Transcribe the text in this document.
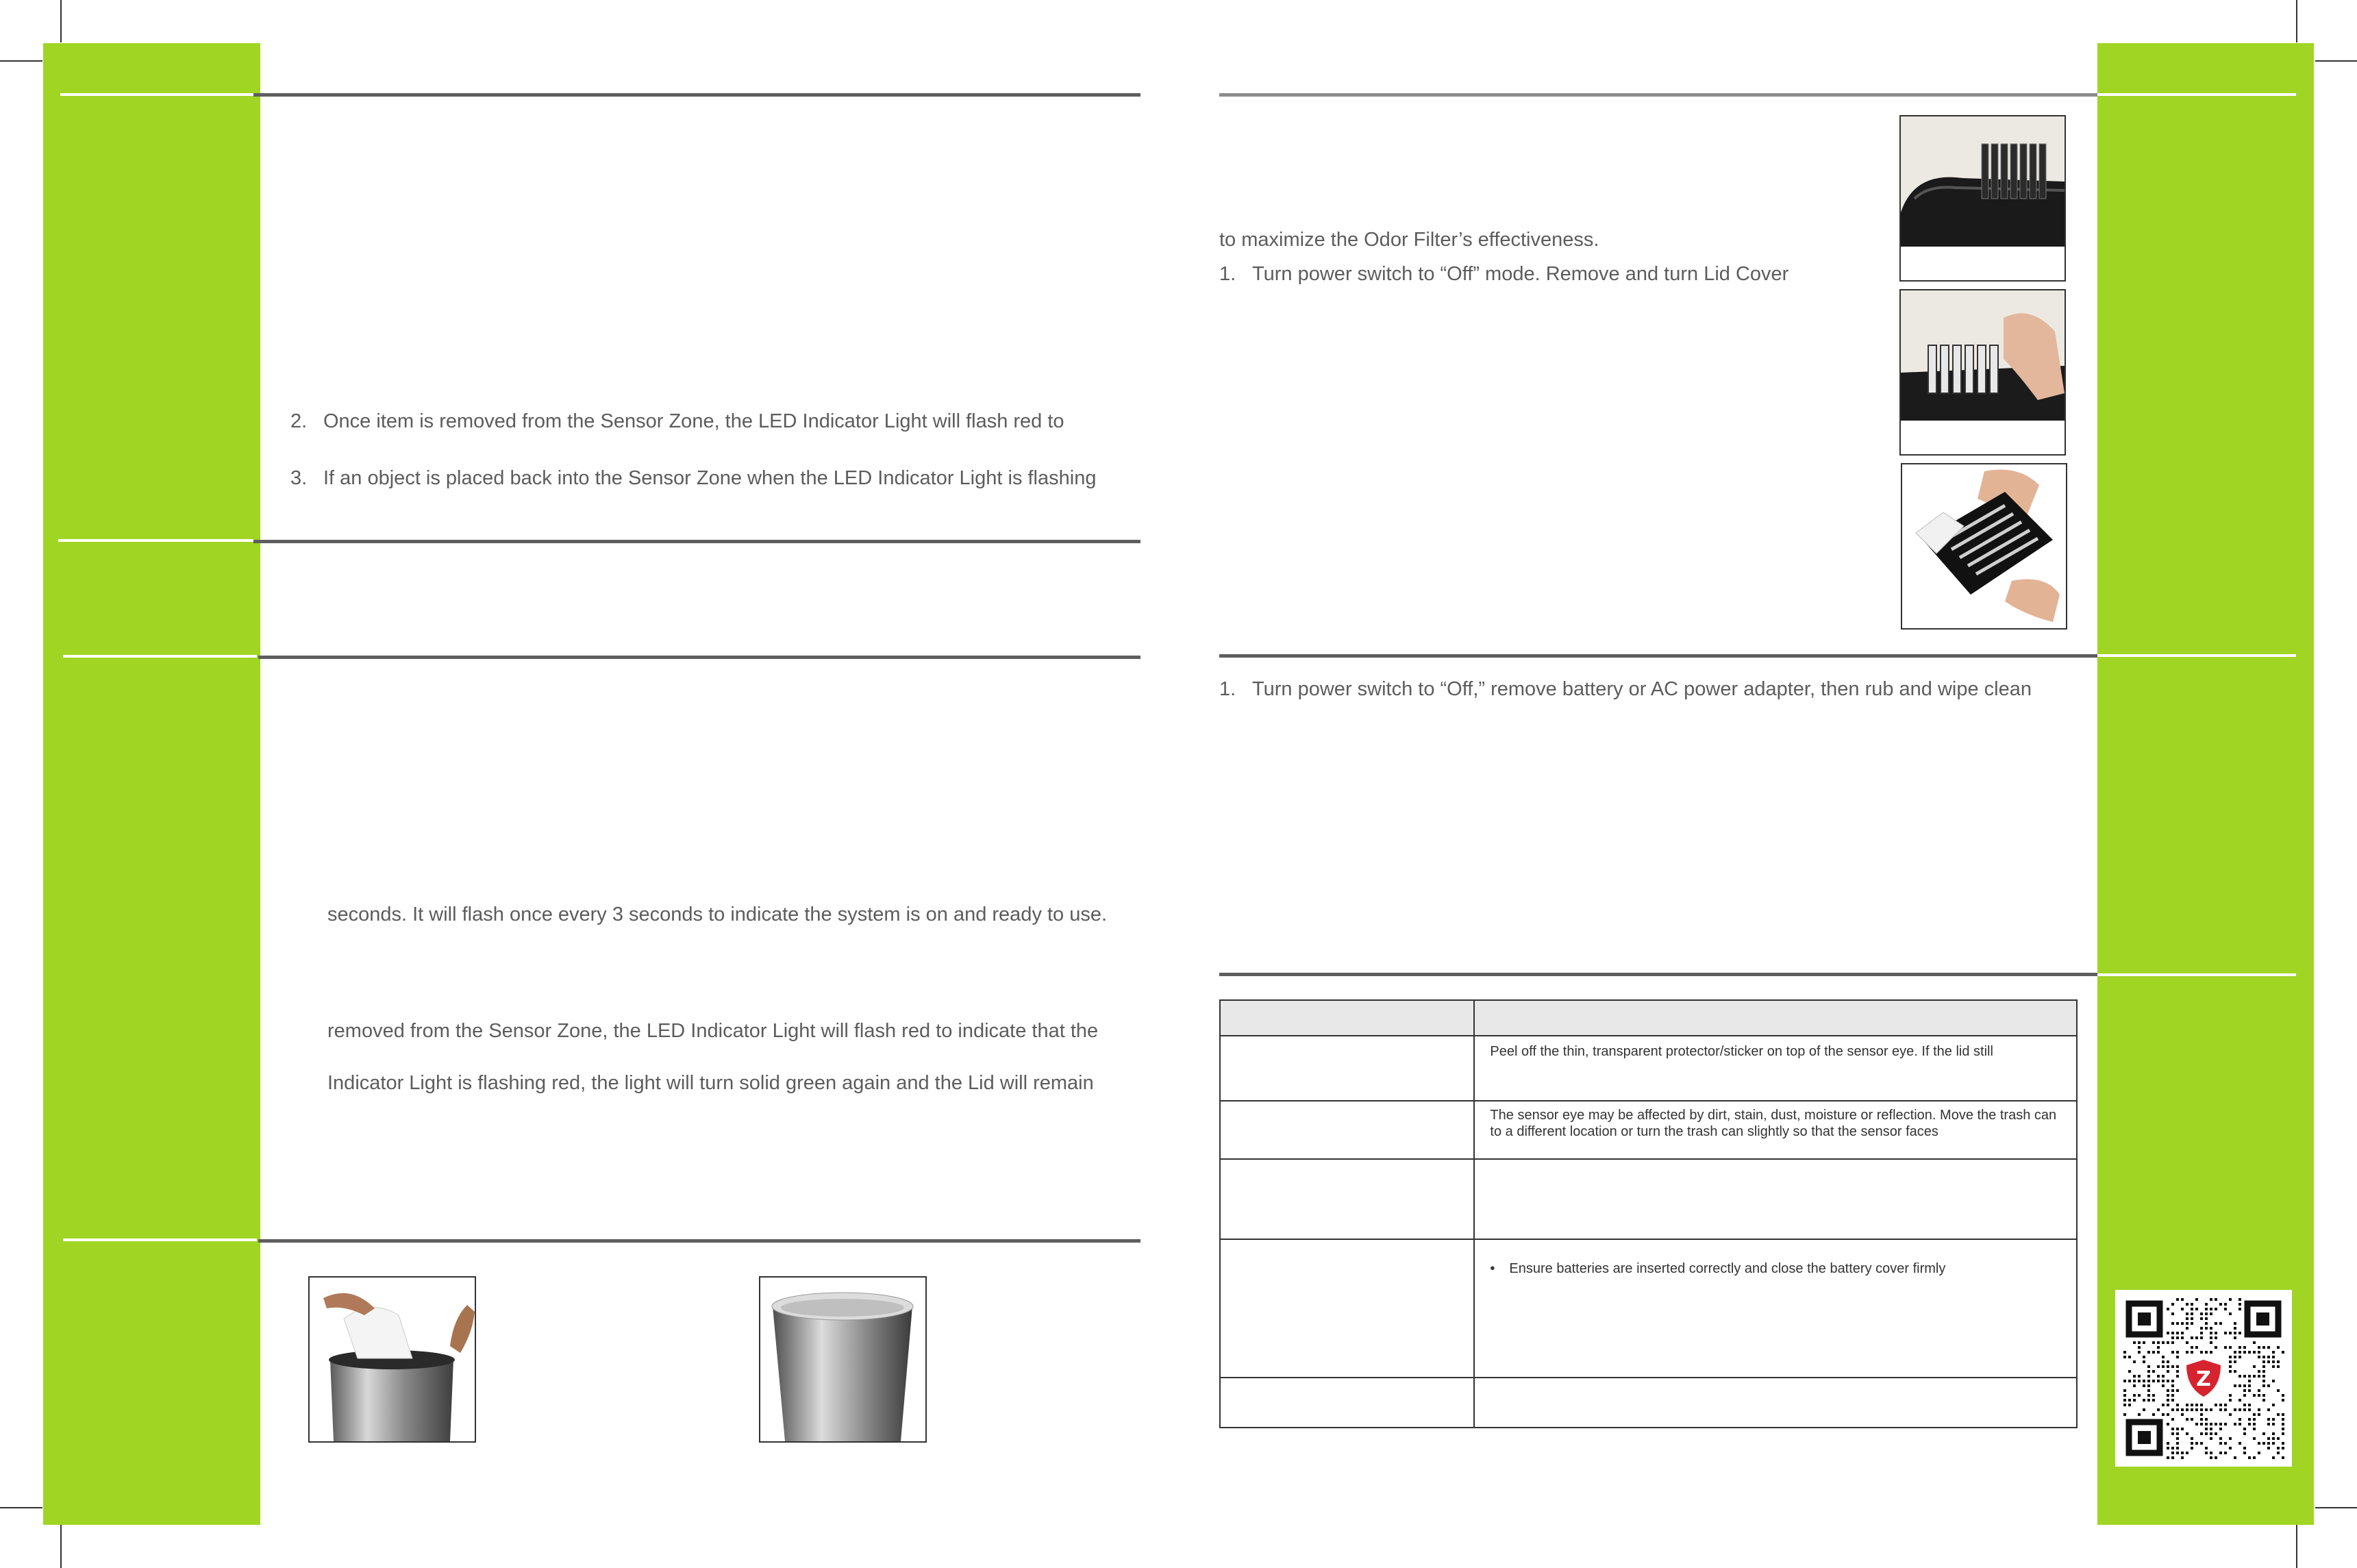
2. Once item is removed from the Sensor Zone, the LED Indicator Light will flash red to
3. If an object is placed back into the Sensor Zone when the LED Indicator Light is flashing
seconds. It will flash once every 3 seconds to indicate the system is on and ready to use.
removed from the Sensor Zone, the LED Indicator Light will flash red to indicate that the
Indicator Light is flashing red, the light will turn solid green again and the Lid will remain
to maximize the Odor Filter’s effectiveness.
1. Turn power switch to “Off” mode. Remove and turn Lid Cover
1. Turn power switch to “Off,” remove battery or AC power adapter, then rub and wipe clean

	Peel off the thin, transparent protector/sticker on top of the sensor eye. If the lid still

	The sensor eye may be affected by dirt, stain, dust, moisture or reflection. Move the trash can to a different location or turn the trash can slightly so that the sensor faces

	• Ensure batteries are inserted correctly and close the battery cover firmly

Z
